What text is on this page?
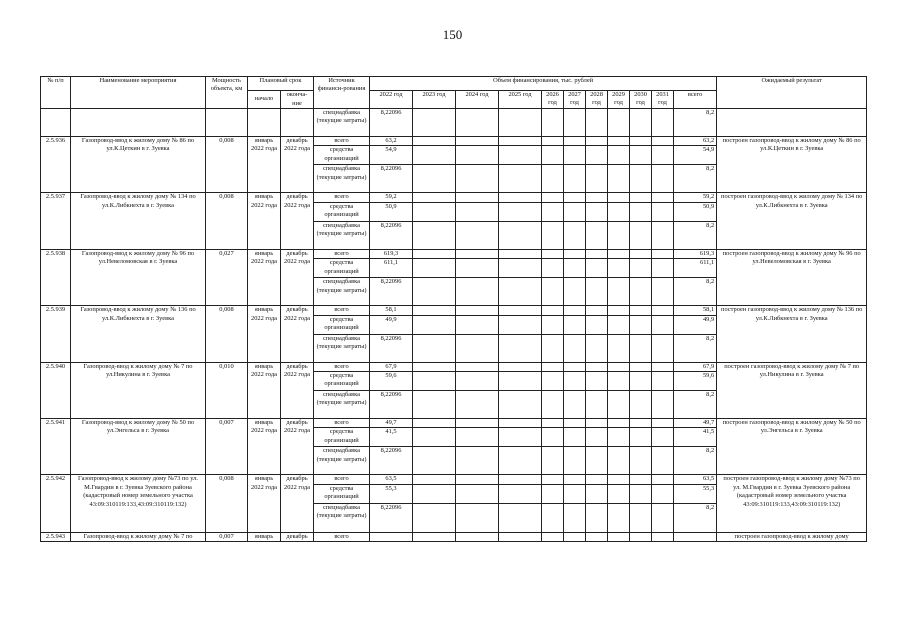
150
№ п/п	Наименование мероприятия	Мощность объекта, км	Плановый срок		Источник финанси-рования	Объем финансирования, тыс. рублей											Ожидаемый результат
			начало	оконча-ние		2022 год	2023 год	2024 год	2025 год	2026 год	2027 год	2028 год	2029 год	2030 год	2031 год	всего	

					спецнадбавка (текущие затраты)	8,22096										8,2	
2.5.936	Газопровод-ввод к жилому дому № 86 по ул.К.Цеткин в г. Зуевка	0,008	январь 2022 года	декабрь 2022 года	всего	63,2										63,2	построен газопровод-ввод к жилому дому № 86 по ул.К.Цеткин в г. Зуевка
					средства организаций	54,9										54,9	
					спецнадбавка (текущие затраты)	8,22096										8,2	
2.5.937	Газопровод-ввод к жилому дому № 134 по ул.К.Либкнехта в г. Зуевка	0,008	январь 2022 года	декабрь 2022 года	всего	59,2										59,2	построен газопровод-ввод к жилому дому № 134 по ул.К.Либкнехта в г. Зуевка
					средства организаций	50,9										50,9	
					спецнадбавка (текущие затраты)	8,22096										8,2	
2.5.938	Газопровод-ввод к жилому дому № 96 по ул.Невеломовская в г. Зуевка	0,027	январь 2022 года	декабрь 2022 года	всего	619,3										619,3	построен газопровод-ввод к жилому дому № 96 по ул.Невеломовская в г. Зуевка
					средства организаций	611,1										611,1	
					спецнадбавка (текущие затраты)	8,22096										8,2	
2.5.939	Газопровод-ввод к жилому дому № 136 по ул.К.Либкнехта в г. Зуевка	0,008	январь 2022 года	декабрь 2022 года	всего	58,1										58,1	построен газопровод-ввод к жилому дому № 136 по ул.К.Либкнехта в г. Зуевка
					средства организаций	49,9										49,9	
					спецнадбавка (текущие затраты)	8,22096										8,2	
2.5.940	Газопровод-ввод к жилому дому № 7 по ул.Никулина в г. Зуевка	0,010	январь 2022 года	декабрь 2022 года	всего	67,9										67,9	построен газопровод-ввод к жилому дому № 7 по ул.Никулина в г. Зуевка
					средства организаций	59,6										59,6	
					спецнадбавка (текущие затраты)	8,22096										8,2	
2.5.941	Газопровод-ввод к жилому дому № 50 по ул.Энгельса в г. Зуевка	0,007	январь 2022 года	декабрь 2022 года	всего	49,7										49,7	построен газопровод-ввод к жилому дому № 50 по ул.Энгельса в г. Зуевка
					средства организаций	41,5										41,5	
					спецнадбавка (текущие затраты)	8,22096										8,2	
2.5.942	Газопровод-ввод к жилому дому №73 по ул. М.Гвардии в г. Зуевка Зуевского района (кадастровый номер земельного участка 43:09:310119:133,43:09:310119:132)	0,008	январь 2022 года	декабрь 2022 года	всего	63,5										63,5	построен газопровод-ввод к жилому дому №73 по ул. М.Гвардии в г. Зуевка Зуевского района (кадастровый номер земельного участка 43:09:310119:133,43:09:310119:132)
					средства организаций	55,3										55,3	
					спецнадбавка (текущие затраты)	8,22096										8,2	
2.5.943	Газопровод-ввод к жилому дому № 7 по	0,007	январь	декабрь	всего												построен газопровод-ввод к жилому дому
